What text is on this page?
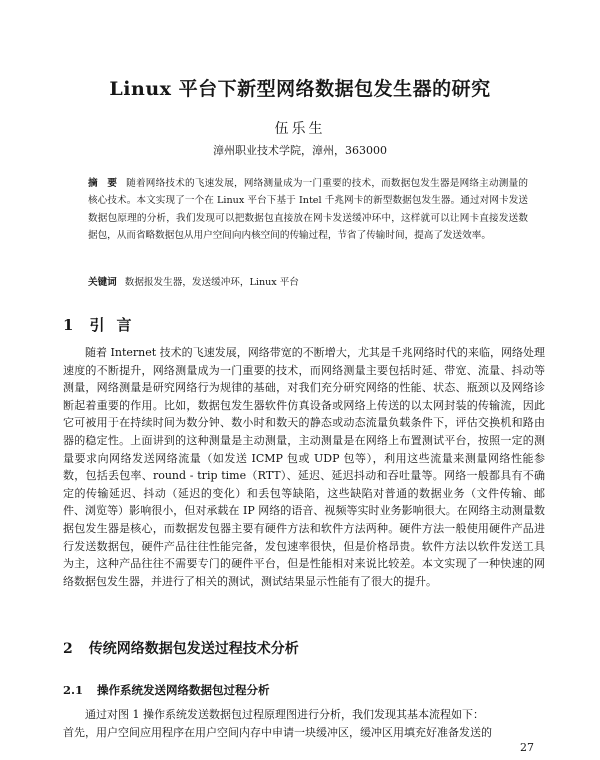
Linux 平台下新型网络数据包发生器的研究
伍乐生
漳州职业技术学院，漳州，363000
摘 要 随着网络技术的飞速发展，网络测量成为一门重要的技术，而数据包发生器是网络主动测量的核心技术。本文实现了一个在 Linux 平台下基于 Intel 千兆网卡的新型数据包发生器。通过对网卡发送数据包原理的分析，我们发现可以把数据包直接放在网卡发送缓冲环中，这样就可以让网卡直接发送数据包，从而省略数据包从用户空间向内核空间的传输过程，节省了传输时间，提高了发送效率。
关键词 数据报发生器，发送缓冲环，Linux 平台
1 引言

随着 Internet 技术的飞速发展，网络带宽的不断增大，尤其是千兆网络时代的来临，网络处理速度的不断提升，网络测量成为一门重要的技术，而网络测量主要包括时延、带宽、流量、抖动等测量，网络测量是研究网络行为规律的基础，对我们充分研究网络的性能、状态、瓶颈以及网络诊断起着重要的作用。比如，数据包发生器软件仿真设备或网络上传送的以太网封装的传输流，因此它可被用于在持续时间为数分钟、数小时和数天的静态或动态流量负载条件下，评估交换机和路由器的稳定性。上面讲到的这种测量是主动测量，主动测量是在网络上布置测试平台，按照一定的测量要求向网络发送网络流量（如发送 ICMP 包或 UDP 包等），利用这些流量来测量网络性能参数，包括丢包率、round - trip time（RTT）、延迟、延迟抖动和吞吐量等。网络一般都具有不确定的传输延迟、抖动（延迟的变化）和丢包等缺陷，这些缺陷对普通的数据业务（文件传输、邮件、浏览等）影响很小，但对承载在 IP 网络的语音、视频等实时业务影响很大。在网络主动测量数据包发生器是核心，而数据发包器主要有硬件方法和软件方法两种。硬件方法一般使用硬件产品进行发送数据包，硬件产品往往性能完备，发包速率很快，但是价格昂贵。软件方法以软件发送工具为主，这种产品往往不需要专门的硬件平台，但是性能相对来说比较差。本文实现了一种快速的网络数据包发生器，并进行了相关的测试，测试结果显示性能有了很大的提升。

2 传统网络数据包发送过程技术分析
2.1 操作系统发送网络数据包过程分析
通过对图 1 操作系统发送数据包过程原理图进行分析，我们发现其基本流程如下：
首先，用户空间应用程序在用户空间内存中申请一块缓冲区，缓冲区用填充好准备发送的
27
